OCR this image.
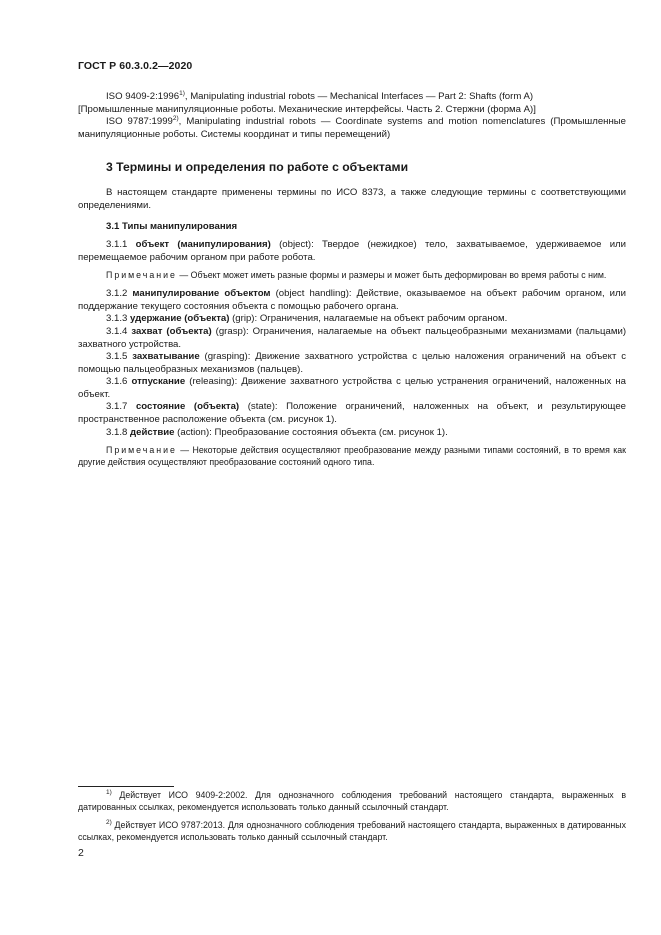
ГОСТ Р 60.3.0.2—2020

ISO 9409-2:1996$^{1)}$, Manipulating industrial robots — Mechanical Interfaces — Part 2: Shafts (form A)

[Промышленные манипуляционные роботы. Механические интерфейсы. Часть 2. Стержни (форма А)]

ISO 9787:1999$^{2)}$, Manipulating industrial robots — Coordinate systems and motion nomenclatures (Промышленные манипуляционные роботы. Системы координат и типы перемещений)

3 Термины и определения по работе с объектами

В настоящем стандарте применены термины по ИСО 8373, а также следующие термины с соответствующими определениями.

3.1 Типы манипулирования

3.1.1 объект (манипулирования) (object): Твердое (нежидкое) тело, захватываемое, удерживаемое или перемещаемое рабочим органом при работе робота.

Примечание — Объект может иметь разные формы и размеры и может быть деформирован во время работы с ним.

3.1.2 манипулирование объектом (object handling): Действие, оказываемое на объект рабочим органом, или поддержание текущего состояния объекта с помощью рабочего органа.

3.1.3 удержание (объекта) (grip): Ограничения, налагаемые на объект рабочим органом.

3.1.4 захват (объекта) (grasp): Ограничения, налагаемые на объект пальцеобразными механизмами (пальцами) захватного устройства.

3.1.5 захватывание (grasping): Движение захватного устройства с целью наложения ограничений на объект с помощью пальцеобразных механизмов (пальцев).

3.1.6 отпускание (releasing): Движение захватного устройства с целью устранения ограничений, наложенных на объект.

3.1.7 состояние (объекта) (state): Положение ограничений, наложенных на объект, и результирующее пространственное расположение объекта (см. рисунок 1).

3.1.8 действие (action): Преобразование состояния объекта (см. рисунок 1).

Примечание — Некоторые действия осуществляют преобразование между разными типами состояний, в то время как другие действия осуществляют преобразование состояний одного типа.

$^{1)}$ Действует ИСО 9409-2:2002. Для однозначного соблюдения требований настоящего стандарта, выраженных в датированных ссылках, рекомендуется использовать только данный ссылочный стандарт.

$^{2)}$ Действует ИСО 9787:2013. Для однозначного соблюдения требований настоящего стандарта, выраженных в датированных ссылках, рекомендуется использовать только данный ссылочный стандарт.

2
